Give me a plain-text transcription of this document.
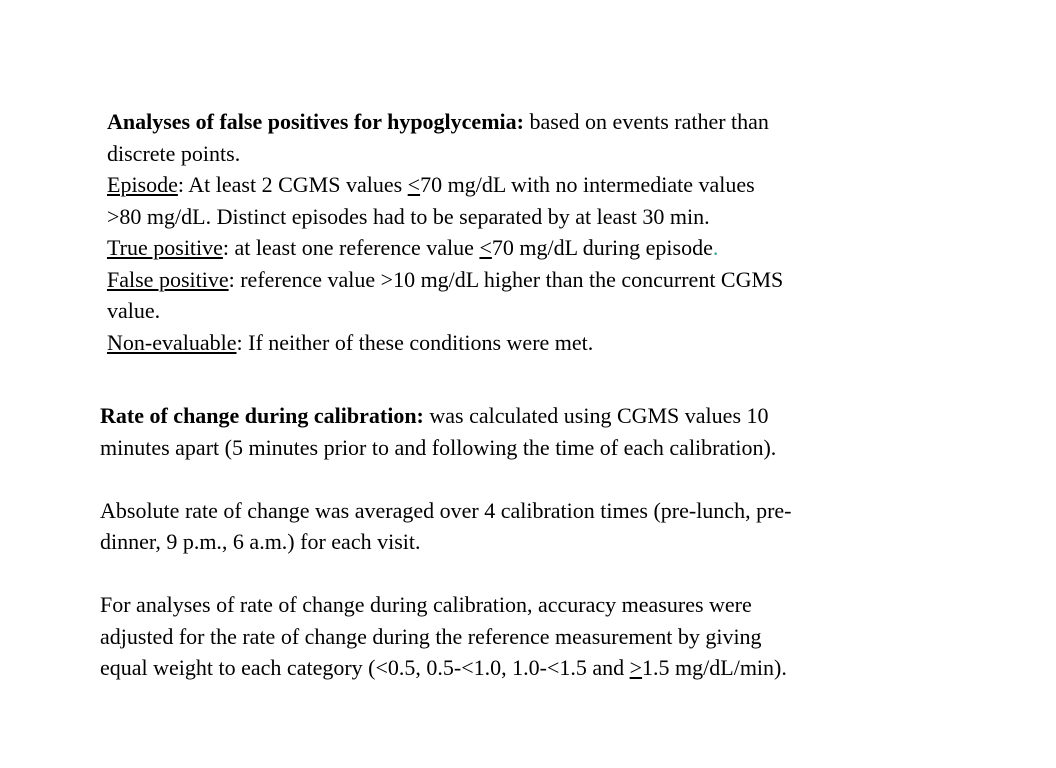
Analyses of false positives for hypoglycemia: based on events rather than
discrete points.
Episode: At least 2 CGMS values <70 mg/dL with no intermediate values
>80 mg/dL. Distinct episodes had to be separated by at least 30 min.
True positive: at least one reference value <70 mg/dL during episode.
False positive: reference value >10 mg/dL higher than the concurrent CGMS
value.
Non-evaluable: If neither of these conditions were met.
Rate of change during calibration: was calculated using CGMS values 10
minutes apart (5 minutes prior to and following the time of each calibration).
Absolute rate of change was averaged over 4 calibration times (pre-lunch, pre-
dinner, 9 p.m., 6 a.m.) for each visit.
For analyses of rate of change during calibration, accuracy measures were
adjusted for the rate of change during the reference measurement by giving
equal weight to each category (<0.5, 0.5-<1.0, 1.0-<1.5 and >1.5 mg/dL/min).
